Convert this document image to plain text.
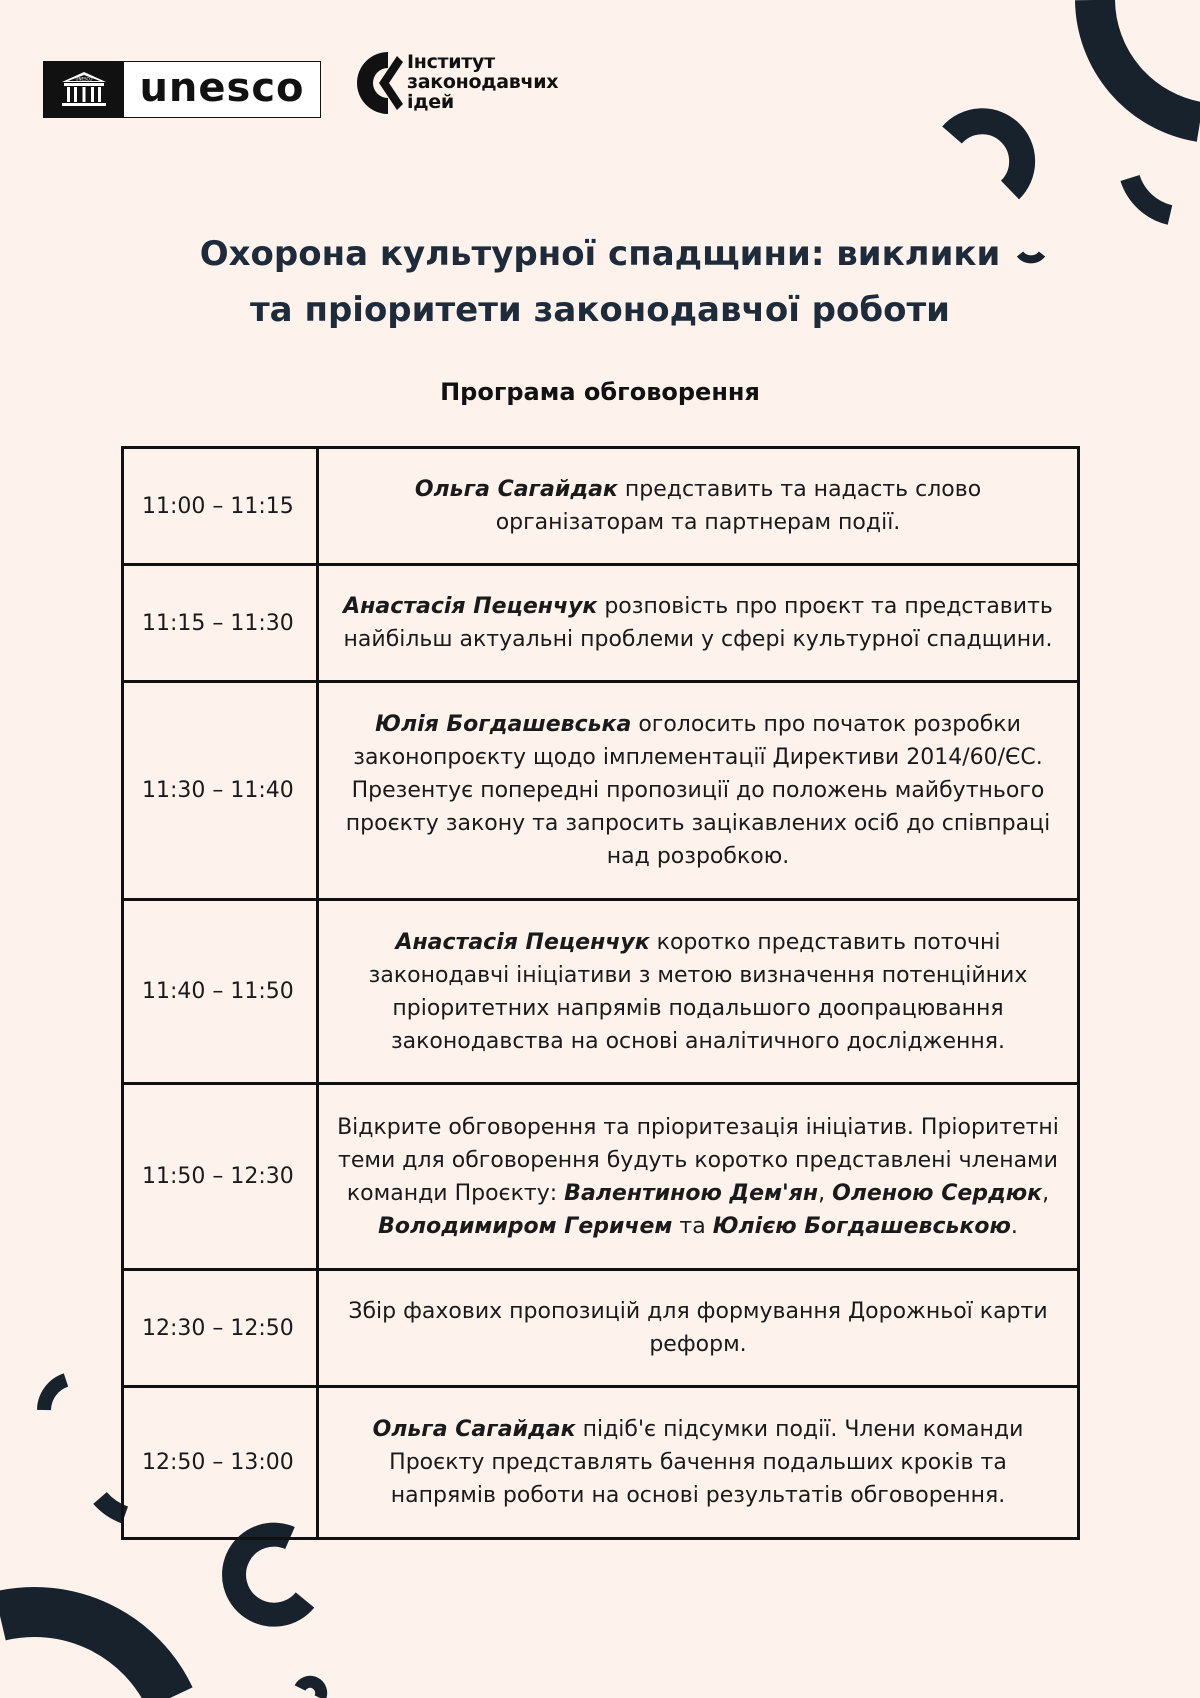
UNESCO	unesco
Інститут
законодавчих
ідей
Охорона культурної спадщини: виклики
та пріоритети законодавчої роботи
Програма обговорення
11:00 – 11:15	Ольга Сагайдак представить та надасть слово організаторам та партнерам події.
11:15 – 11:30	Анастасія Пеценчук розповість про проєкт та представить найбільш актуальні проблеми у сфері культурної спадщини.
11:30 – 11:40	Юлія Богдашевська оголосить про початок розробки законопроєкту щодо імплементації Директиви 2014/60/ЄС. Презентує попередні пропозиції до положень майбутнього проєкту закону та запросить зацікавлених осіб до співпраці над розробкою.
11:40 – 11:50	Анастасія Пеценчук коротко представить поточні законодавчі ініціативи з метою визначення потенційних пріоритетних напрямів подальшого доопрацювання законодавства на основі аналітичного дослідження.
11:50 – 12:30	Відкрите обговорення та пріоритезація ініціатив. Пріоритетні теми для обговорення будуть коротко представлені членами команди Проєкту: Валентиною Дем'ян, Оленою Сердюк, Володимиром Геричем та Юлією Богдашевською.
12:30 – 12:50	Збір фахових пропозицій для формування Дорожньої карти реформ.
12:50 – 13:00	Ольга Сагайдак підіб'є підсумки події. Члени команди Проєкту представлять бачення подальших кроків та напрямів роботи на основі результатів обговорення.
